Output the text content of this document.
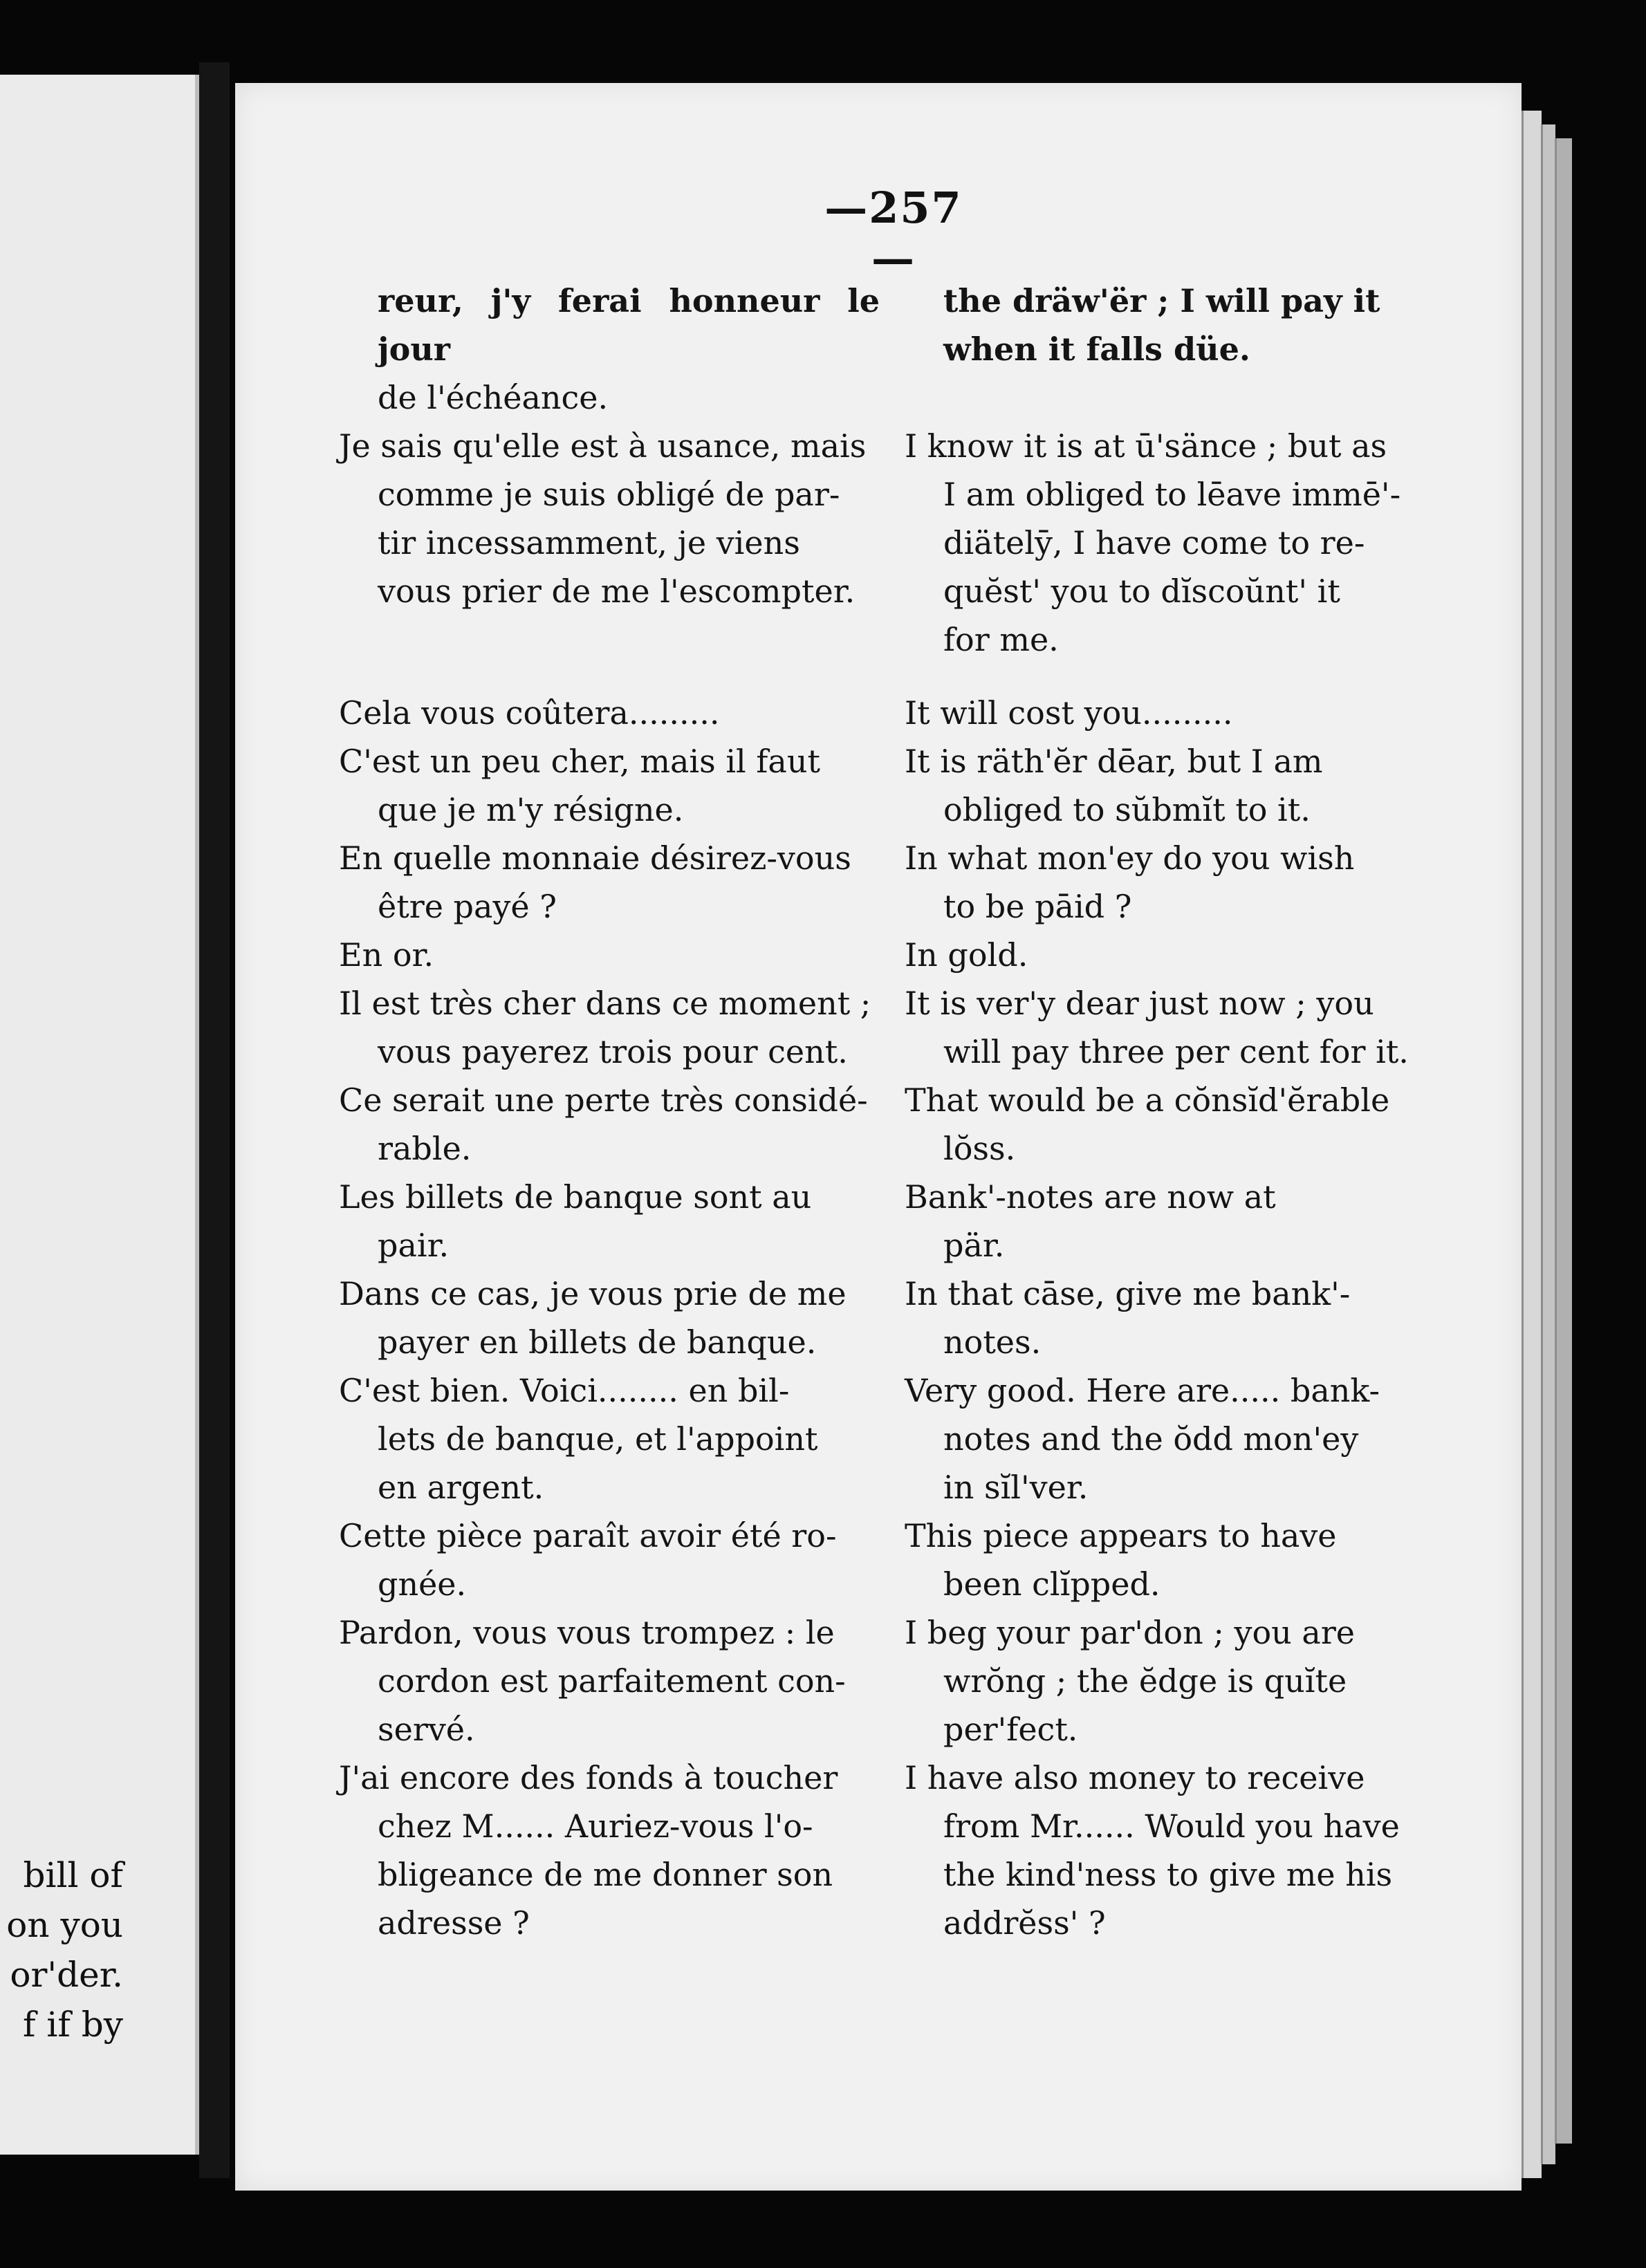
bill of
on you
or'der.
f if by
—257—
reur, j'y ferai honneur le jour
de l'échéance.
the dräw'ër ; I will pay it
when it falls düe.
Je sais qu'elle est à usance, mais
comme je suis obligé de par-
tir incessamment, je viens
vous prier de me l'escompter.
I know it is at ū'sänce ; but as
I am obliged to lēave immē'-
diätelȳ, I have come to re-
quĕst' you to dĭscoŭnt' it
for me.
Cela vous coûtera.........	It will cost you.........
C'est un peu cher, mais il faut
que je m'y résigne.
It is räth'ĕr dēar, but I am
obliged to sŭbmĭt to it.
En quelle monnaie désirez-vous
être payé ?
In what mon'ey do you wish
to be pāid ?
En or.	In gold.
Il est très cher dans ce moment ;
vous payerez trois pour cent.
It is ver'y dear just now ; you
will pay three per cent for it.
Ce serait une perte très considé-
rable.
That would be a cŏnsĭd'ĕrable
lŏss.
Les billets de banque sont au
pair.
Bank'-notes are now at
pär.
Dans ce cas, je vous prie de me
payer en billets de banque.
In that cāse, give me bank'-
notes.
C'est bien. Voici........ en bil-
lets de banque, et l'appoint
en argent.
Very good. Here are..... bank-
notes and the ŏdd mon'ey
in sĭl'ver.
Cette pièce paraît avoir été ro-
gnée.
This piece appears to have
been clĭpped.
Pardon, vous vous trompez : le
cordon est parfaitement con-
servé.
I beg your par'don ; you are
wrŏng ; the ĕdge is quĭte
per'fect.
J'ai encore des fonds à toucher
chez M...... Auriez-vous l'o-
bligeance de me donner son
adresse ?
I have also money to receive
from Mr...... Would you have
the kind'ness to give me his
addrĕss' ?
